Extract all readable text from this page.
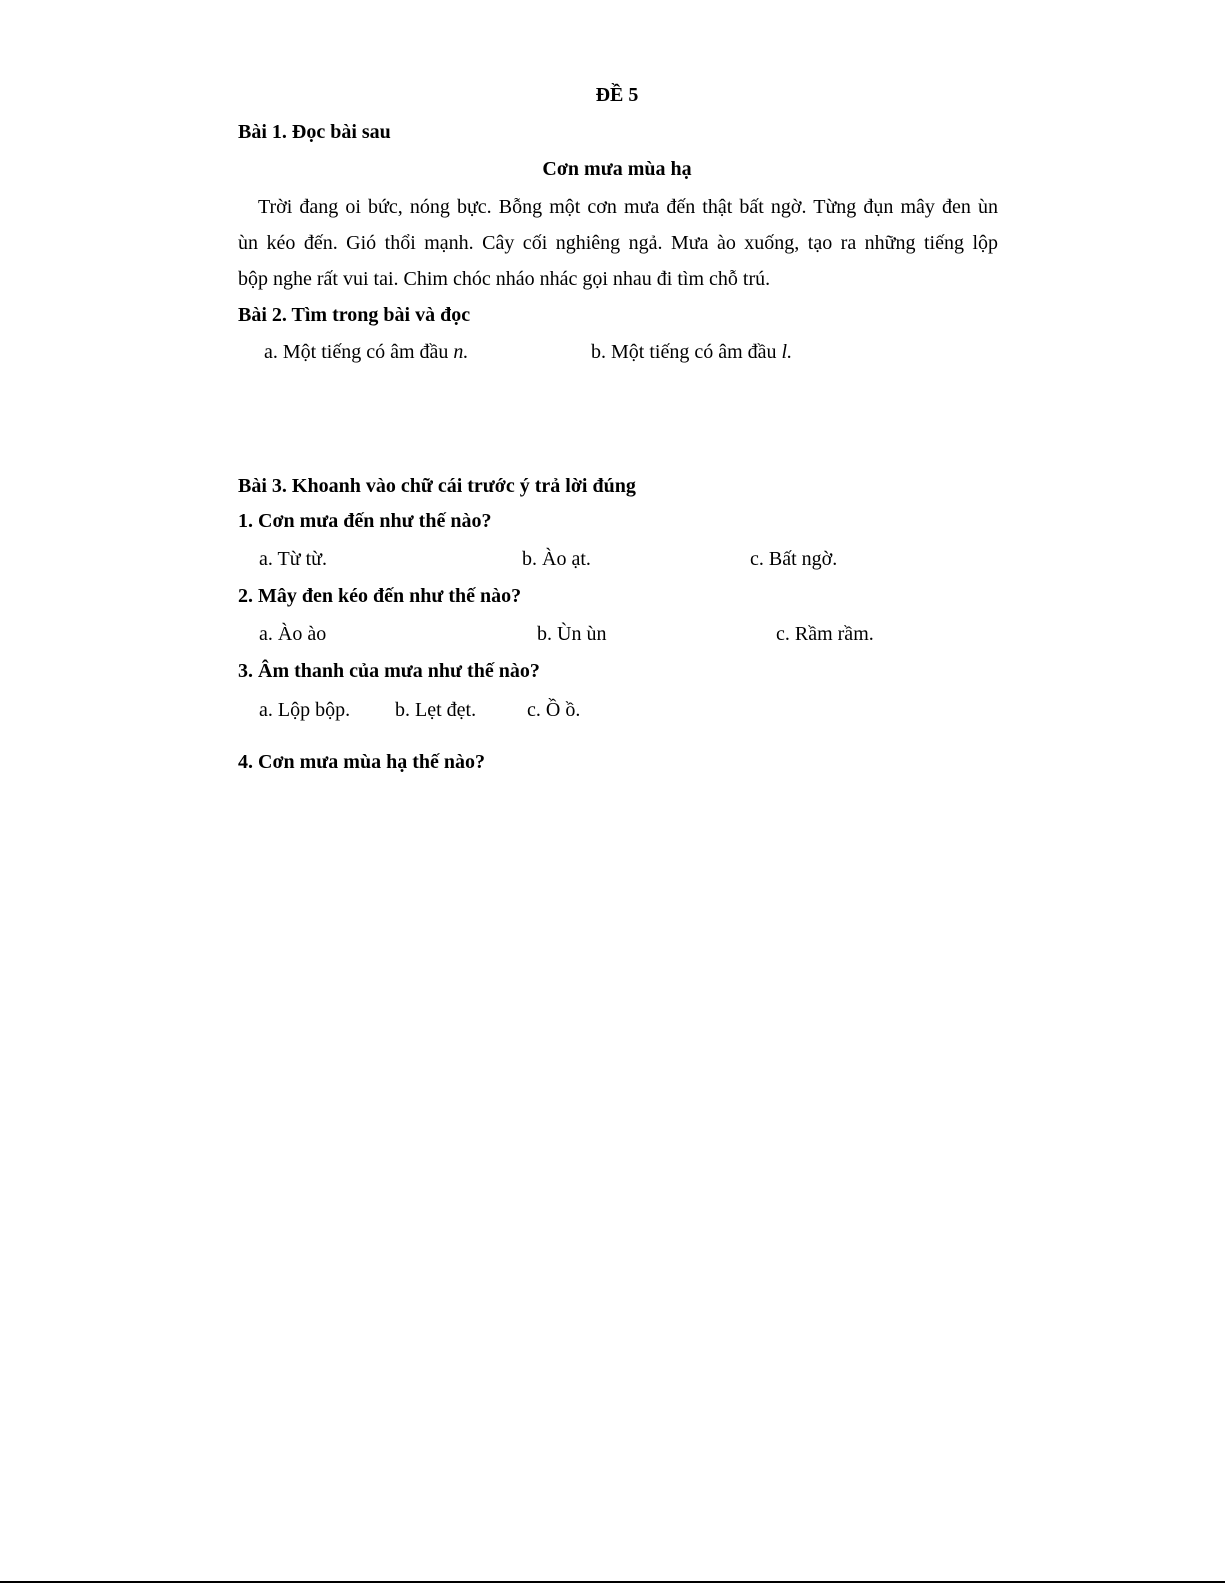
ĐỀ 5
Bài 1. Đọc bài sau
Cơn mưa mùa hạ
Trời đang oi bức, nóng bực. Bỗng một cơn mưa đến thật bất ngờ. Từng đụn mây đen ùn
ùn kéo đến. Gió thổi mạnh. Cây cối nghiêng ngả. Mưa ào xuống, tạo ra những tiếng lộp
bộp nghe rất vui tai. Chim chóc nháo nhác gọi nhau đi tìm chỗ trú.
Bài 2. Tìm trong bài và đọc
a. Một tiếng có âm đầu n.	b. Một tiếng có âm đầu l.
Bài 3. Khoanh vào chữ cái trước ý trả lời đúng
1. Cơn mưa đến như thế nào?
a. Từ từ.	b. Ào ạt.	c. Bất ngờ.
2. Mây đen kéo đến như thế nào?
a. Ào ào	b. Ùn ùn	c. Rầm rầm.
3. Âm thanh của mưa như thế nào?
a. Lộp bộp. b. Lẹt đẹt.	c. Ồ ồ.
4. Cơn mưa mùa hạ thế nào?
